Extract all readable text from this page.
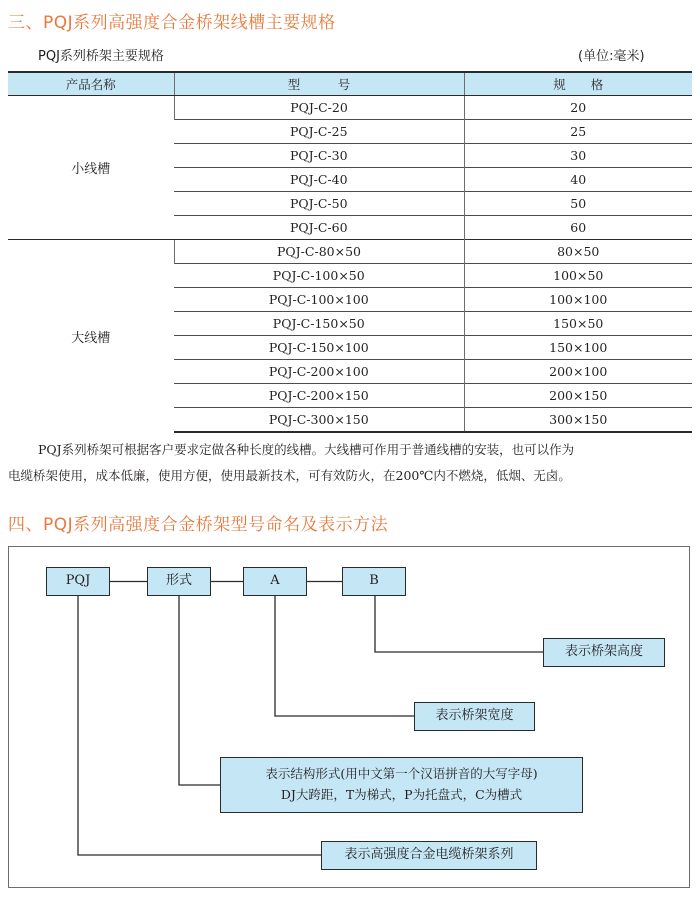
三、PQJ系列高强度合金桥架线槽主要规格
PQJ系列桥架主要规格	(单位:毫米)
产品名称	型　　　号	规　　格
小线槽	PQJ-C-20	20
	PQJ-C-25	25
	PQJ-C-30	30
	PQJ-C-40	40
	PQJ-C-50	50
	PQJ-C-60	60
大线槽	PQJ-C-80×50	80×50
	PQJ-C-100×50	100×50
	PQJ-C-100×100	100×100
	PQJ-C-150×50	150×50
	PQJ-C-150×100	150×100
	PQJ-C-200×100	200×100
	PQJ-C-200×150	200×150
	PQJ-C-300×150	300×150

PQJ系列桥架可根据客户要求定做各种长度的线槽。大线槽可作用于普通线槽的安装，也可以作为

电缆桥架使用，成本低廉，使用方便，使用最新技术，可有效防火，在200℃内不燃烧，低烟、无卤。

四、PQJ系列高强度合金桥架型号命名及表示方法
PQJ	形式	A	B
表示桥架高度
表示桥架宽度
表示结构形式(用中文第一个汉语拼音的大写字母)
DJ大跨距，T为梯式，P为托盘式，C为槽式
表示高强度合金电缆桥架系列
